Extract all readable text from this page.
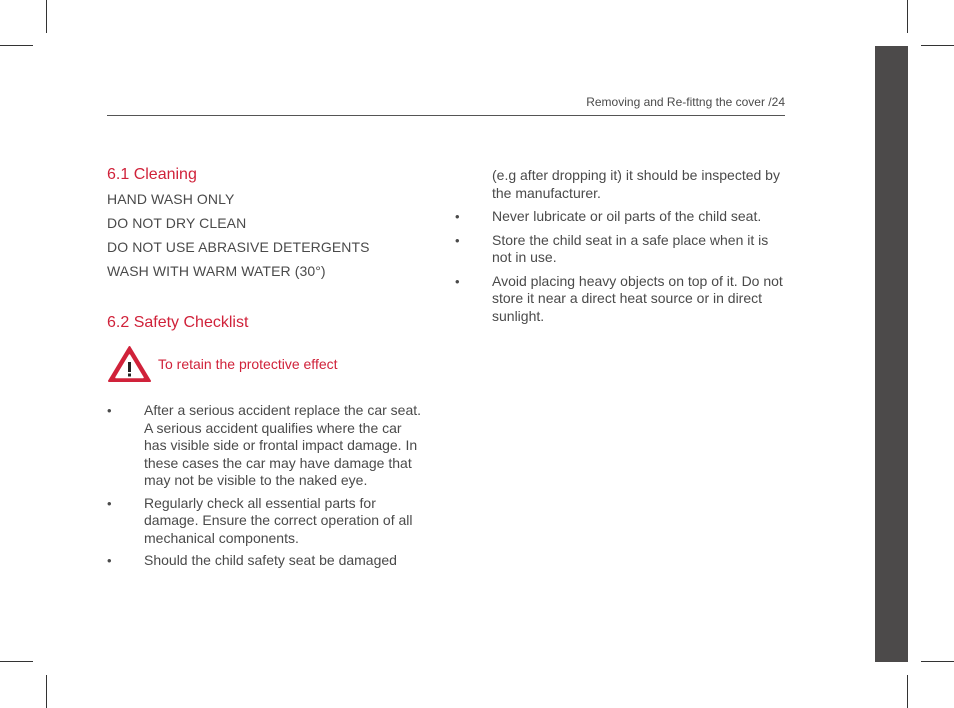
Removing and Re-fittng the cover /24
6.1 Cleaning
HAND WASH ONLY
DO NOT DRY CLEAN
DO NOT USE ABRASIVE DETERGENTS
WASH WITH WARM WATER (30°)
6.2 Safety Checklist
To retain the protective effect
• After a serious accident replace the car seat. A serious accident qualifies where the car has visible side or frontal impact damage. In these cases the car may have damage that may not be visible to the naked eye.
• Regularly check all essential parts for damage. Ensure the correct operation of all mechanical components.
• Should the child safety seat be damaged
(e.g after dropping it) it should be inspected by the manufacturer.
• Never lubricate or oil parts of the child seat.
• Store the child seat in a safe place when it is not in use.
• Avoid placing heavy objects on top of it. Do not store it near a direct heat source or in direct sunlight.
